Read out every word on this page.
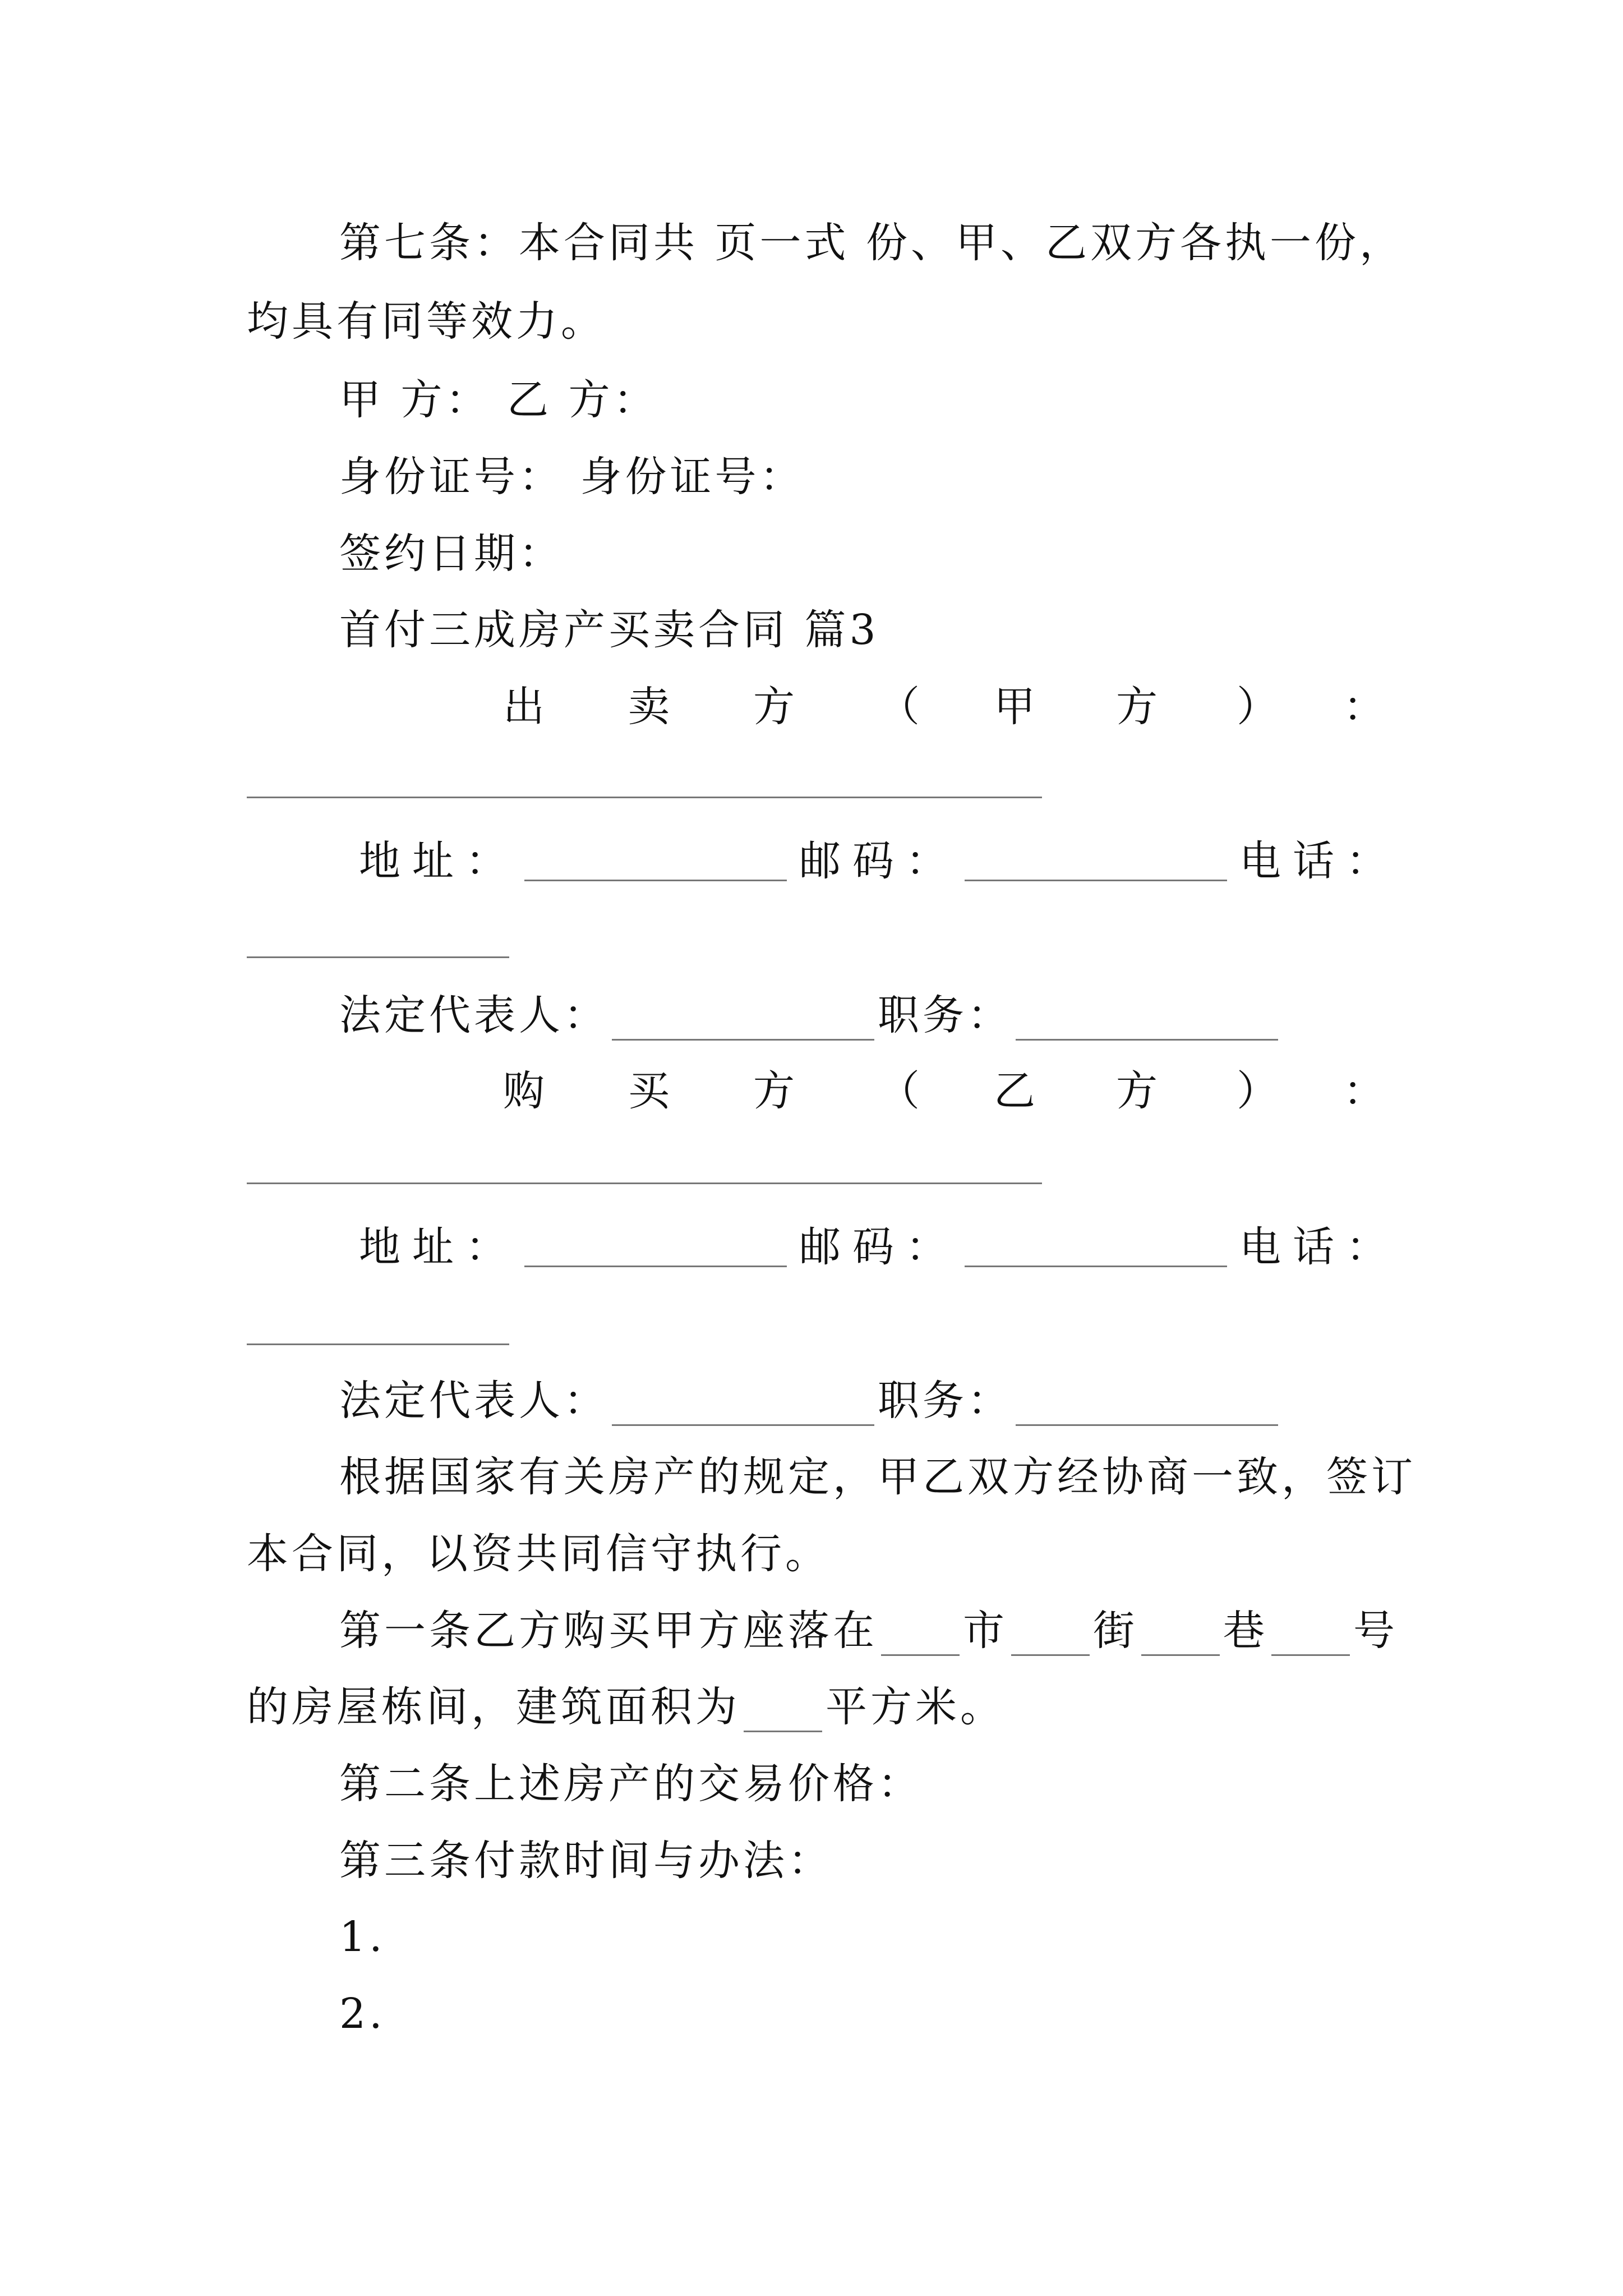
第七条：本合同共 页一式 份、甲、乙双方各执一份，
均具有同等效力。
甲 方： 乙 方：
身份证号： 身份证号：
签约日期：
首付三成房产买卖合同 篇3
出 卖 方 （ 甲 方 ） ：
地 址 ：	邮 码 ：	电 话 ：
法定代表人：	职务：
购 买 方 （ 乙 方 ） ：
地 址 ：	邮 码 ：	电 话 ：
法定代表人：	职务：
根据国家有关房产的规定，甲乙双方经协商一致，签订
本合同，以资共同信守执行。
第一条乙方购买甲方座落在 市 街 巷 号
的房屋栋间，建筑面积为 平方米。
第二条上述房产的交易价格：
第三条付款时间与办法：
1.
2.
